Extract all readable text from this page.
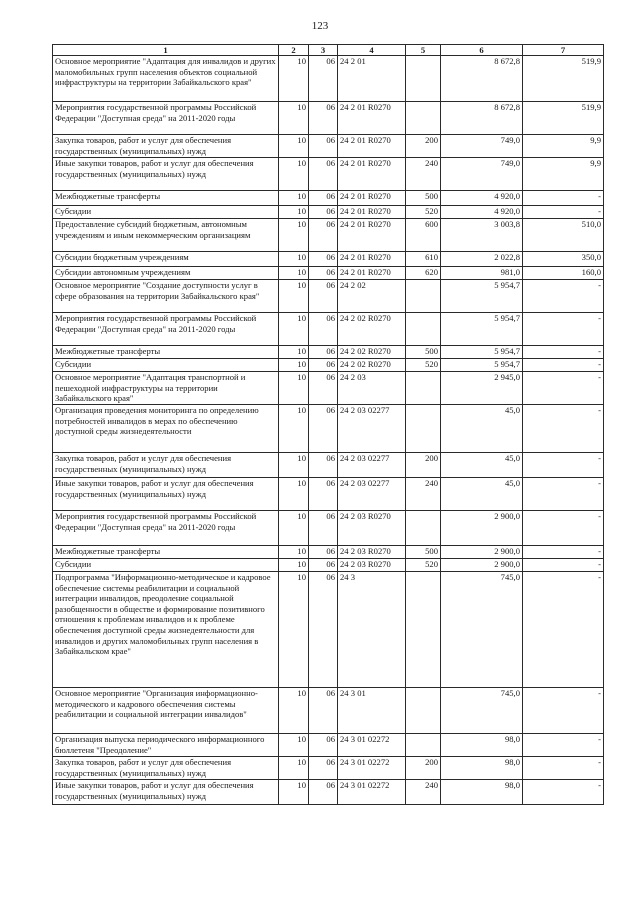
123
1	2	3	4	5	6	7
Основное мероприятие "Адаптация для инвалидов и других маломобильных групп населения объектов социальной инфраструктуры на территории Забайкальского края"	10	06	24 2 01		8 672,8	519,9
Мероприятия государственной программы Российской Федерации "Доступная среда" на 2011-2020 годы	10	06	24 2 01 R0270		8 672,8	519,9
Закупка товаров, работ и услуг для обеспечения государственных (муниципальных) нужд	10	06	24 2 01 R0270	200	749,0	9,9
Иные закупки товаров, работ и услуг для обеспечения государственных (муниципальных) нужд	10	06	24 2 01 R0270	240	749,0	9,9
Межбюджетные трансферты	10	06	24 2 01 R0270	500	4 920,0	-
Субсидии	10	06	24 2 01 R0270	520	4 920,0	-
Предоставление субсидий бюджетным, автономным учреждениям и иным некоммерческим организациям	10	06	24 2 01 R0270	600	3 003,8	510,0
Субсидии бюджетным учреждениям	10	06	24 2 01 R0270	610	2 022,8	350,0
Субсидии автономным учреждениям	10	06	24 2 01 R0270	620	981,0	160,0
Основное мероприятие "Создание доступности услуг в сфере образования на территории Забайкальского края"	10	06	24 2 02		5 954,7	-
Мероприятия государственной программы Российской Федерации "Доступная среда" на 2011-2020 годы	10	06	24 2 02 R0270		5 954,7	-
Межбюджетные трансферты	10	06	24 2 02 R0270	500	5 954,7	-
Субсидии	10	06	24 2 02 R0270	520	5 954,7	-
Основное мероприятие "Адаптация транспортной и пешеходной инфраструктуры на территории Забайкальского края"	10	06	24 2 03		2 945,0	-
Организация проведения мониторинга по определению потребностей инвалидов в мерах по обеспечению доступной среды жизнедеятельности	10	06	24 2 03 02277		45,0	-
Закупка товаров, работ и услуг для обеспечения государственных (муниципальных) нужд	10	06	24 2 03 02277	200	45,0	-
Иные закупки товаров, работ и услуг для обеспечения государственных (муниципальных) нужд	10	06	24 2 03 02277	240	45,0	-
Мероприятия государственной программы Российской Федерации "Доступная среда" на 2011-2020 годы	10	06	24 2 03 R0270		2 900,0	-
Межбюджетные трансферты	10	06	24 2 03 R0270	500	2 900,0	-
Субсидии	10	06	24 2 03 R0270	520	2 900,0	-
Подпрограмма "Информационно-методическое и кадровое обеспечение системы реабилитации и социальной интеграции инвалидов, преодоление социальной разобщенности в обществе и формирование позитивного отношения к проблемам инвалидов и к проблеме обеспечения доступной среды жизнедеятельности для инвалидов и других маломобильных групп населения в Забайкальском крае"	10	06	24 3		745,0	-
Основное мероприятие "Организация информационно-методического и кадрового обеспечения системы реабилитации и социальной интеграции инвалидов"	10	06	24 3 01		745,0	-
Организация выпуска периодического информационного бюллетеня "Преодоление"	10	06	24 3 01 02272		98,0	-
Закупка товаров, работ и услуг для обеспечения государственных (муниципальных) нужд	10	06	24 3 01 02272	200	98,0	-
Иные закупки товаров, работ и услуг для обеспечения государственных (муниципальных) нужд	10	06	24 3 01 02272	240	98,0	-
